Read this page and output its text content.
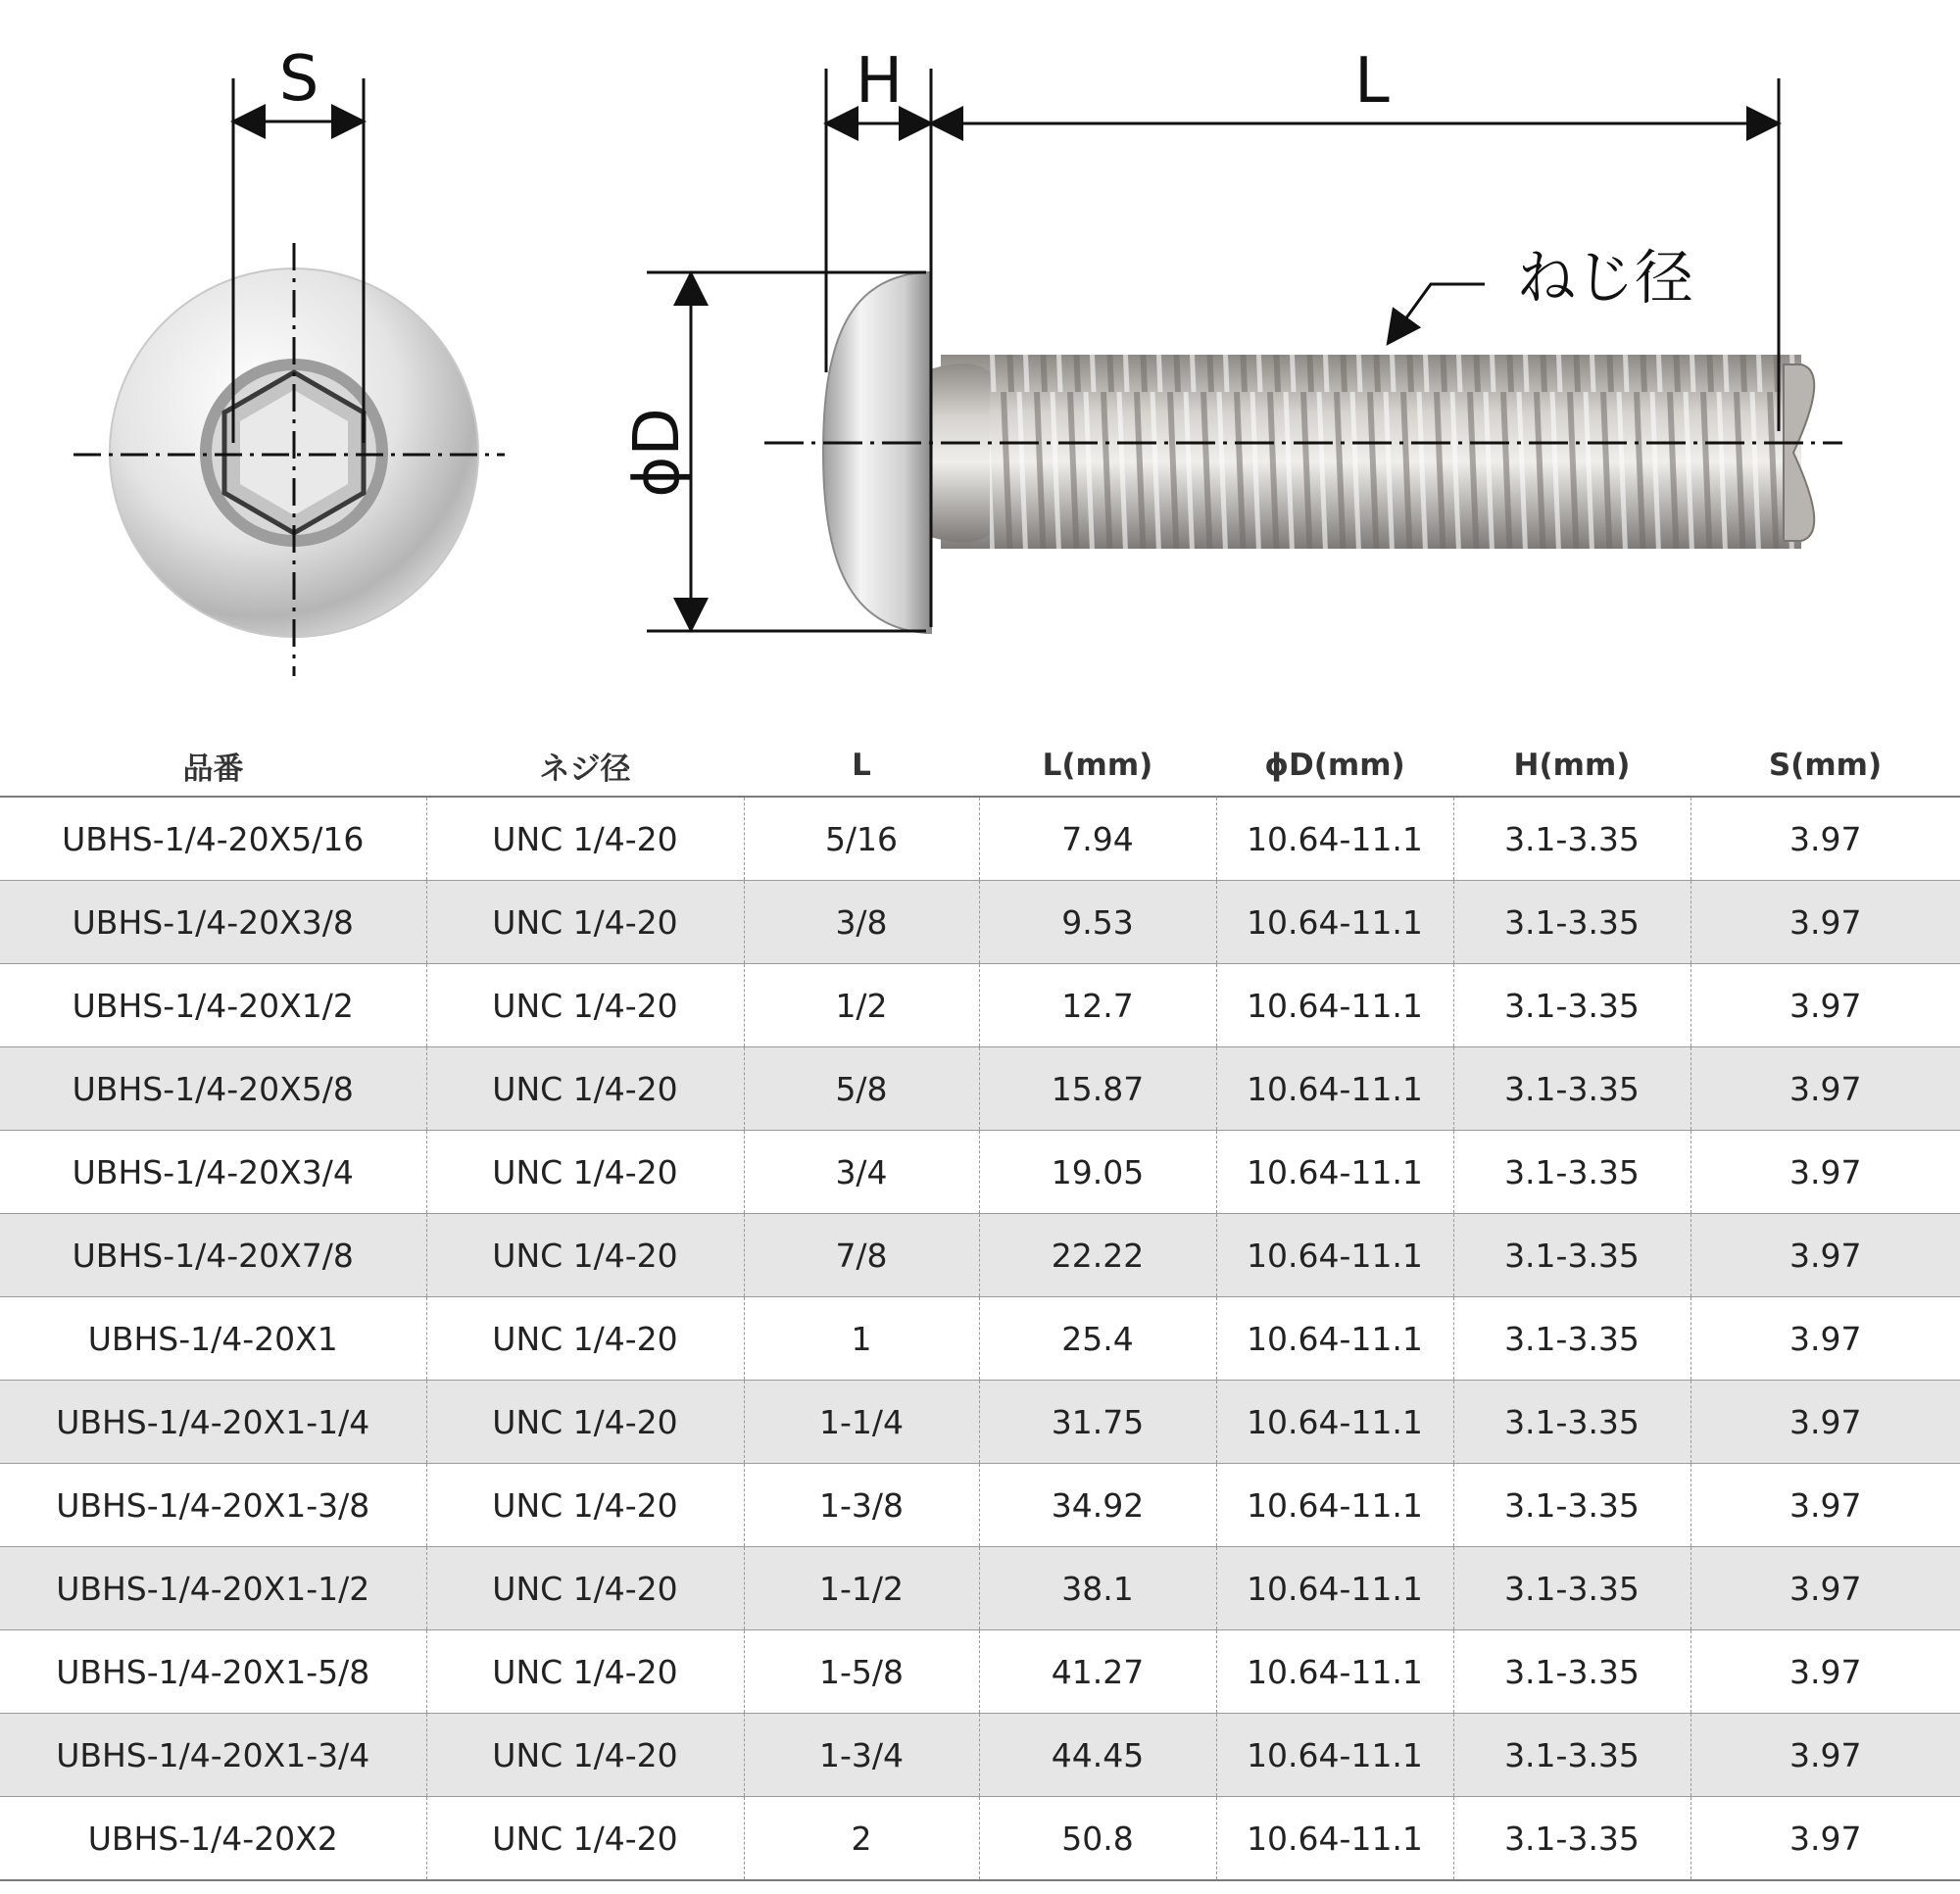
S	H	L
ϕD
ねじ径
品番	ネジ径	L	L(mm)	ϕD(mm)	H(mm)	S(mm)
UBHS-1/4-20X5/16	UNC 1/4-20	5/16	7.94	10.64-11.1	3.1-3.35	3.97
UBHS-1/4-20X3/8	UNC 1/4-20	3/8	9.53	10.64-11.1	3.1-3.35	3.97
UBHS-1/4-20X1/2	UNC 1/4-20	1/2	12.7	10.64-11.1	3.1-3.35	3.97
UBHS-1/4-20X5/8	UNC 1/4-20	5/8	15.87	10.64-11.1	3.1-3.35	3.97
UBHS-1/4-20X3/4	UNC 1/4-20	3/4	19.05	10.64-11.1	3.1-3.35	3.97
UBHS-1/4-20X7/8	UNC 1/4-20	7/8	22.22	10.64-11.1	3.1-3.35	3.97
UBHS-1/4-20X1	UNC 1/4-20	1	25.4	10.64-11.1	3.1-3.35	3.97
UBHS-1/4-20X1-1/4	UNC 1/4-20	1-1/4	31.75	10.64-11.1	3.1-3.35	3.97
UBHS-1/4-20X1-3/8	UNC 1/4-20	1-3/8	34.92	10.64-11.1	3.1-3.35	3.97
UBHS-1/4-20X1-1/2	UNC 1/4-20	1-1/2	38.1	10.64-11.1	3.1-3.35	3.97
UBHS-1/4-20X1-5/8	UNC 1/4-20	1-5/8	41.27	10.64-11.1	3.1-3.35	3.97
UBHS-1/4-20X1-3/4	UNC 1/4-20	1-3/4	44.45	10.64-11.1	3.1-3.35	3.97
UBHS-1/4-20X2	UNC 1/4-20	2	50.8	10.64-11.1	3.1-3.35	3.97
